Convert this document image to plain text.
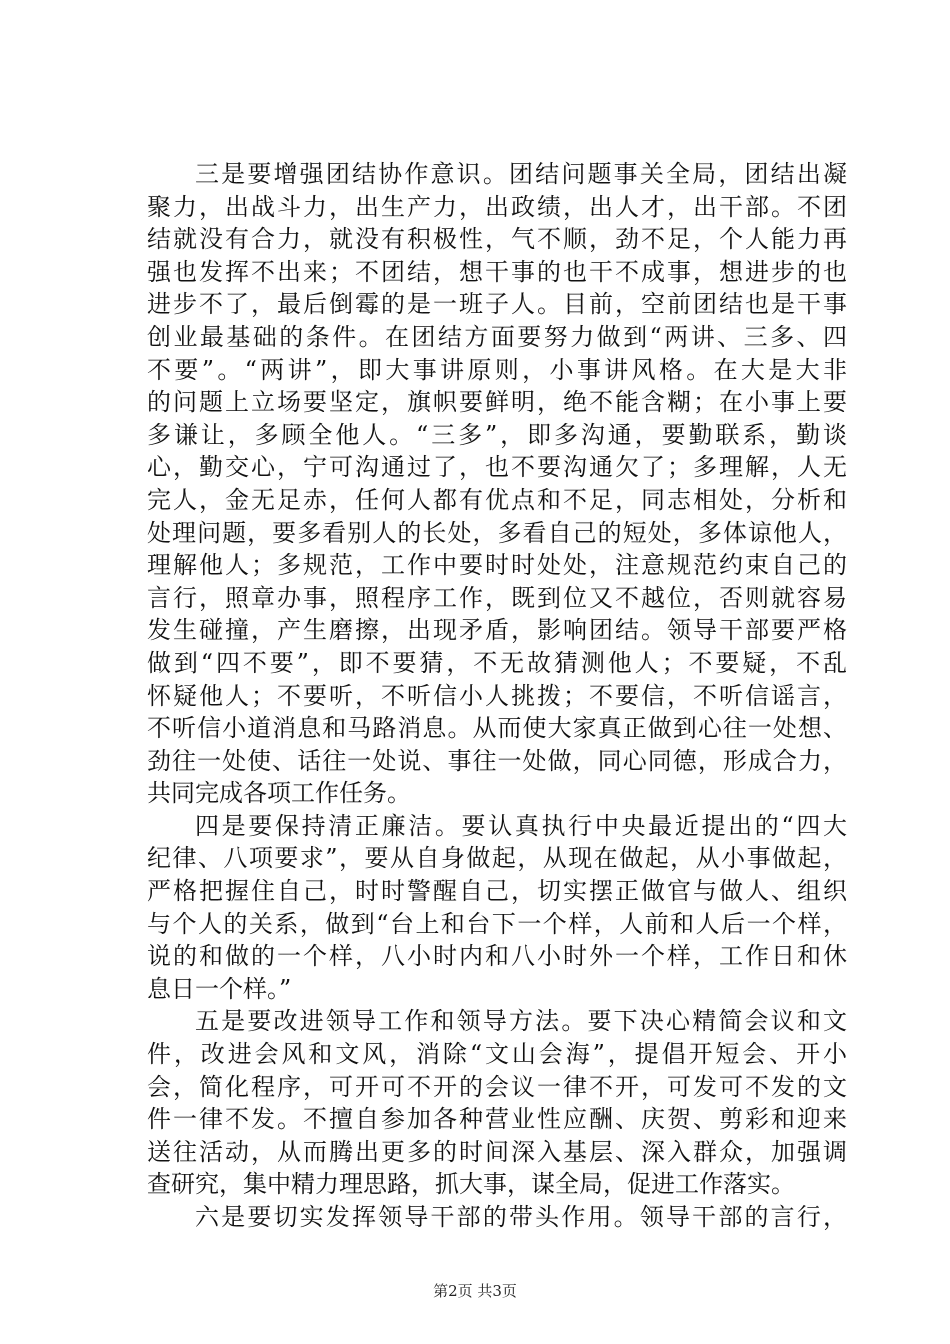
三是要增强团结协作意识。团结问题事关全局，团结出凝
聚力，出战斗力，出生产力，出政绩，出人才，出干部。不团
结就没有合力，就没有积极性，气不顺，劲不足，个人能力再
强也发挥不出来；不团结，想干事的也干不成事，想进步的也
进步不了，最后倒霉的是一班子人。目前，空前团结也是干事
创业最基础的条件。在团结方面要努力做到“两讲、三多、四
不要”。“两讲”，即大事讲原则，小事讲风格。在大是大非
的问题上立场要坚定，旗帜要鲜明，绝不能含糊；在小事上要
多谦让，多顾全他人。“三多”，即多沟通，要勤联系，勤谈
心，勤交心，宁可沟通过了，也不要沟通欠了；多理解，人无
完人，金无足赤，任何人都有优点和不足，同志相处，分析和
处理问题，要多看别人的长处，多看自己的短处，多体谅他人，
理解他人；多规范，工作中要时时处处，注意规范约束自己的
言行，照章办事，照程序工作，既到位又不越位，否则就容易
发生碰撞，产生磨擦，出现矛盾，影响团结。领导干部要严格
做到“四不要”，即不要猜，不无故猜测他人；不要疑，不乱
怀疑他人；不要听，不听信小人挑拨；不要信，不听信谣言，
不听信小道消息和马路消息。从而使大家真正做到心往一处想、
劲往一处使、话往一处说、事往一处做，同心同德，形成合力，
共同完成各项工作任务。
四是要保持清正廉洁。要认真执行中央最近提出的“四大
纪律、八项要求”，要从自身做起，从现在做起，从小事做起，
严格把握住自己，时时警醒自己，切实摆正做官与做人、组织
与个人的关系，做到“台上和台下一个样，人前和人后一个样，
说的和做的一个样，八小时内和八小时外一个样，工作日和休
息日一个样。”
五是要改进领导工作和领导方法。要下决心精简会议和文
件，改进会风和文风，消除“文山会海”，提倡开短会、开小
会，简化程序，可开可不开的会议一律不开，可发可不发的文
件一律不发。不擅自参加各种营业性应酬、庆贺、剪彩和迎来
送往活动，从而腾出更多的时间深入基层、深入群众，加强调
查研究，集中精力理思路，抓大事，谋全局，促进工作落实。
六是要切实发挥领导干部的带头作用。领导干部的言行，
第2页 共3页
